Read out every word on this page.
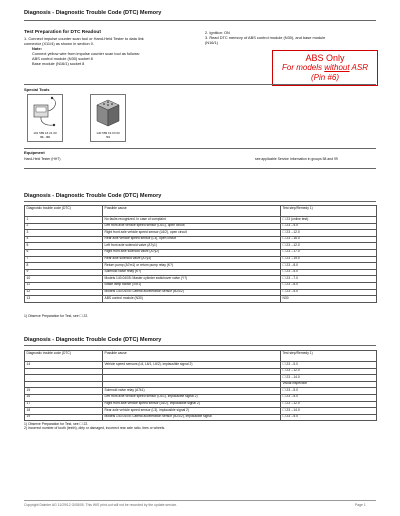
Diagnosis - Diagnostic Trouble Code (DTC) Memory
Test Preparation for DTC Readout
1. Connect impulse counter scan tool or Hand-Held Tester to data link
connector (X11/4) as shown in section 0.
Note:
Connect yellow wire from impulse counter scan tool as follows:
ABS control module (N30) socket 8
Base module (N16/1) socket 8
2. Ignition: ON
3. Read DTC memory of ABS control module (N30), and base module
(N16/1)
ABS Only
For models without ASR
(Pin #6)
Special Tools
101 589 16 21 00
01 - 63
140 589 19 63 00
54
Equipment
Hand-Held Tester (HHT)	see applicable Service Information in groups 58 and 99
Diagnosis - Diagnostic Trouble Code (DTC) Memory
Diagnostic trouble code (DTC)	Possible cause	Test step/Remedy 1)
1	No faults recognized. In case of complaint	☐ 23 (online test).
2	Left front axle vehicle speed sensor (L6/1), open circuit	☐ 23→5.0
3	Right front axle vehicle speed sensor (L6/2), open circuit	☐ 23→12.0
4	Rear axle vehicle speed sensor (L3), open circuit	☐ 23→16.0
5	Left front axle solenoid valve (A7y1)	☐ 23→12.0
6	Right front axle solenoid valve (A7y2)	☐ 23→17.0
7	Rear axle solenoid valve (A7y3)	☐ 23→19.0
8	Return pump (A7m1) or return pump relay (K?)	☐ 23→8.0
9	Solenoid valve relay (K?)	☐ 23→5.0
10	Models 140.04/05: Master cylinder switchover valve (Y?)	☐ 23→7.0
11	Brake lamp switch (S9/1)	☐ 23→8.0
12	Models 140.04/05: Lateral acceleration sensor (B24/2)	☐ 23→5.0
13	ABS control module (N30)	N30
1) Observe Preparation for Test, see ☐ 22.
Diagnosis - Diagnostic Trouble Code (DTC) Memory
Diagnostic trouble code (DTC)	Possible cause	Test step/Remedy 1)
14	Vehicle speed sensors (L6, L6/1, L6/2), implausible signal 2)	☐ 23→5.0
		☐ 23→12.0
		☐ 23→14.0
		Visual inspection
15	Solenoid valve relay (A7k1)	☐ 23→5.0
16	Left front axle vehicle speed sensor (L6/1), implausible signal 2)	☐ 23→5.0
17	Right front axle vehicle speed sensor (L6/2), implausible signal 2)	☐ 23→12.0
18	Rear axle vehicle speed sensor (L3), implausible signal 2)	☐ 23→14.0
19	Models 140.04/05: Lateral acceleration sensor (B24/2), implausible signal	☐ 23→5.0
1) Observe Preparation for Test, see ☐ 22.
2) Incorrect number of tooth (teeth), dirty or damaged, incorrect rear axle ratio, tires or wheels.
Copyright Daimler AG 11/29/12 G/08/05. This WIS print-out will not be recorded by the update service.	Page 1
